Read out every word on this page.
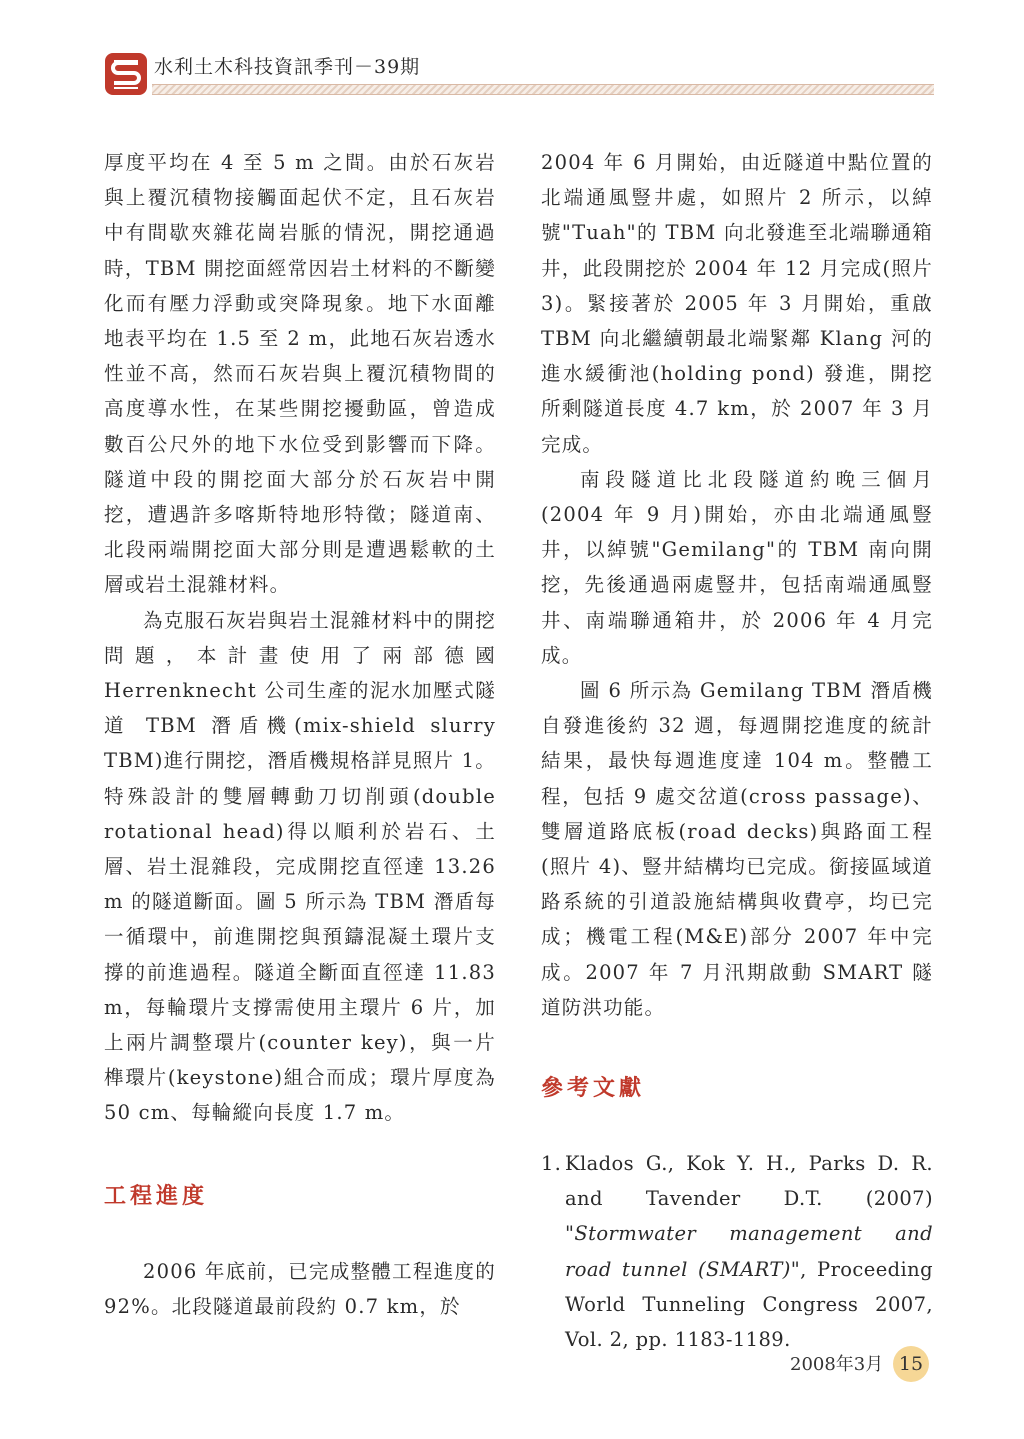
水利土木科技資訊季刊－39期

厚度平均在 4 至 5 m 之間。由於石灰岩與上覆沉積物接觸面起伏不定，且石灰岩中有間歇夾雜花崗岩脈的情況，開挖通過時，TBM 開挖面經常因岩土材料的不斷變化而有壓力浮動或突降現象。地下水面離地表平均在 1.5 至 2 m，此地石灰岩透水性並不高，然而石灰岩與上覆沉積物間的高度導水性，在某些開挖擾動區，曾造成數百公尺外的地下水位受到影響而下降。隧道中段的開挖面大部分於石灰岩中開挖，遭遇許多喀斯特地形特徵；隧道南、北段兩端開挖面大部分則是遭遇鬆軟的土層或岩土混雜材料。

為克服石灰岩與岩土混雜材料中的開挖問題，本計畫使用了兩部德國 Herrenknecht 公司生產的泥水加壓式隧道 TBM 潛盾機(mix-shield slurry TBM)進行開挖，潛盾機規格詳見照片 1。特殊設計的雙層轉動刀切削頭(double rotational head)得以順利於岩石、土層、岩土混雜段，完成開挖直徑達 13.26 m 的隧道斷面。圖 5 所示為 TBM 潛盾每一循環中，前進開挖與預鑄混凝土環片支撐的前進過程。隧道全斷面直徑達 11.83 m，每輪環片支撐需使用主環片 6 片，加上兩片調整環片(counter key)，與一片榫環片(keystone)組合而成；環片厚度為 50 cm、每輪縱向長度 1.7 m。

工程進度

2006 年底前，已完成整體工程進度的 92%。北段隧道最前段約 0.7 km，於

2004 年 6 月開始，由近隧道中點位置的北端通風豎井處，如照片 2 所示，以綽號"Tuah"的 TBM 向北發進至北端聯通箱井，此段開挖於 2004 年 12 月完成(照片 3)。緊接著於 2005 年 3 月開始，重啟 TBM 向北繼續朝最北端緊鄰 Klang 河的進水緩衝池(holding pond) 發進，開挖所剩隧道長度 4.7 km，於 2007 年 3 月完成。

南段隧道比北段隧道約晚三個月(2004 年 9 月)開始，亦由北端通風豎井，以綽號"Gemilang"的 TBM 南向開挖，先後通過兩處豎井，包括南端通風豎井、南端聯通箱井，於 2006 年 4 月完成。

圖 6 所示為 Gemilang TBM 潛盾機自發進後約 32 週，每週開挖進度的統計結果，最快每週進度達 104 m。整體工程，包括 9 處交岔道(cross passage)、雙層道路底板(road decks)與路面工程(照片 4)、豎井結構均已完成。銜接區域道路系統的引道設施結構與收費亭，均已完成；機電工程(M&E)部分 2007 年中完成。2007 年 7 月汛期啟動 SMART 隧道防洪功能。

參考文獻
1. Klados G., Kok Y. H., Parks D. R. and Tavender D.T. (2007) "Stormwater management and road tunnel (SMART)", Proceeding World Tunneling Congress 2007, Vol. 2, pp. 1183-1189.
2008年3月 15
